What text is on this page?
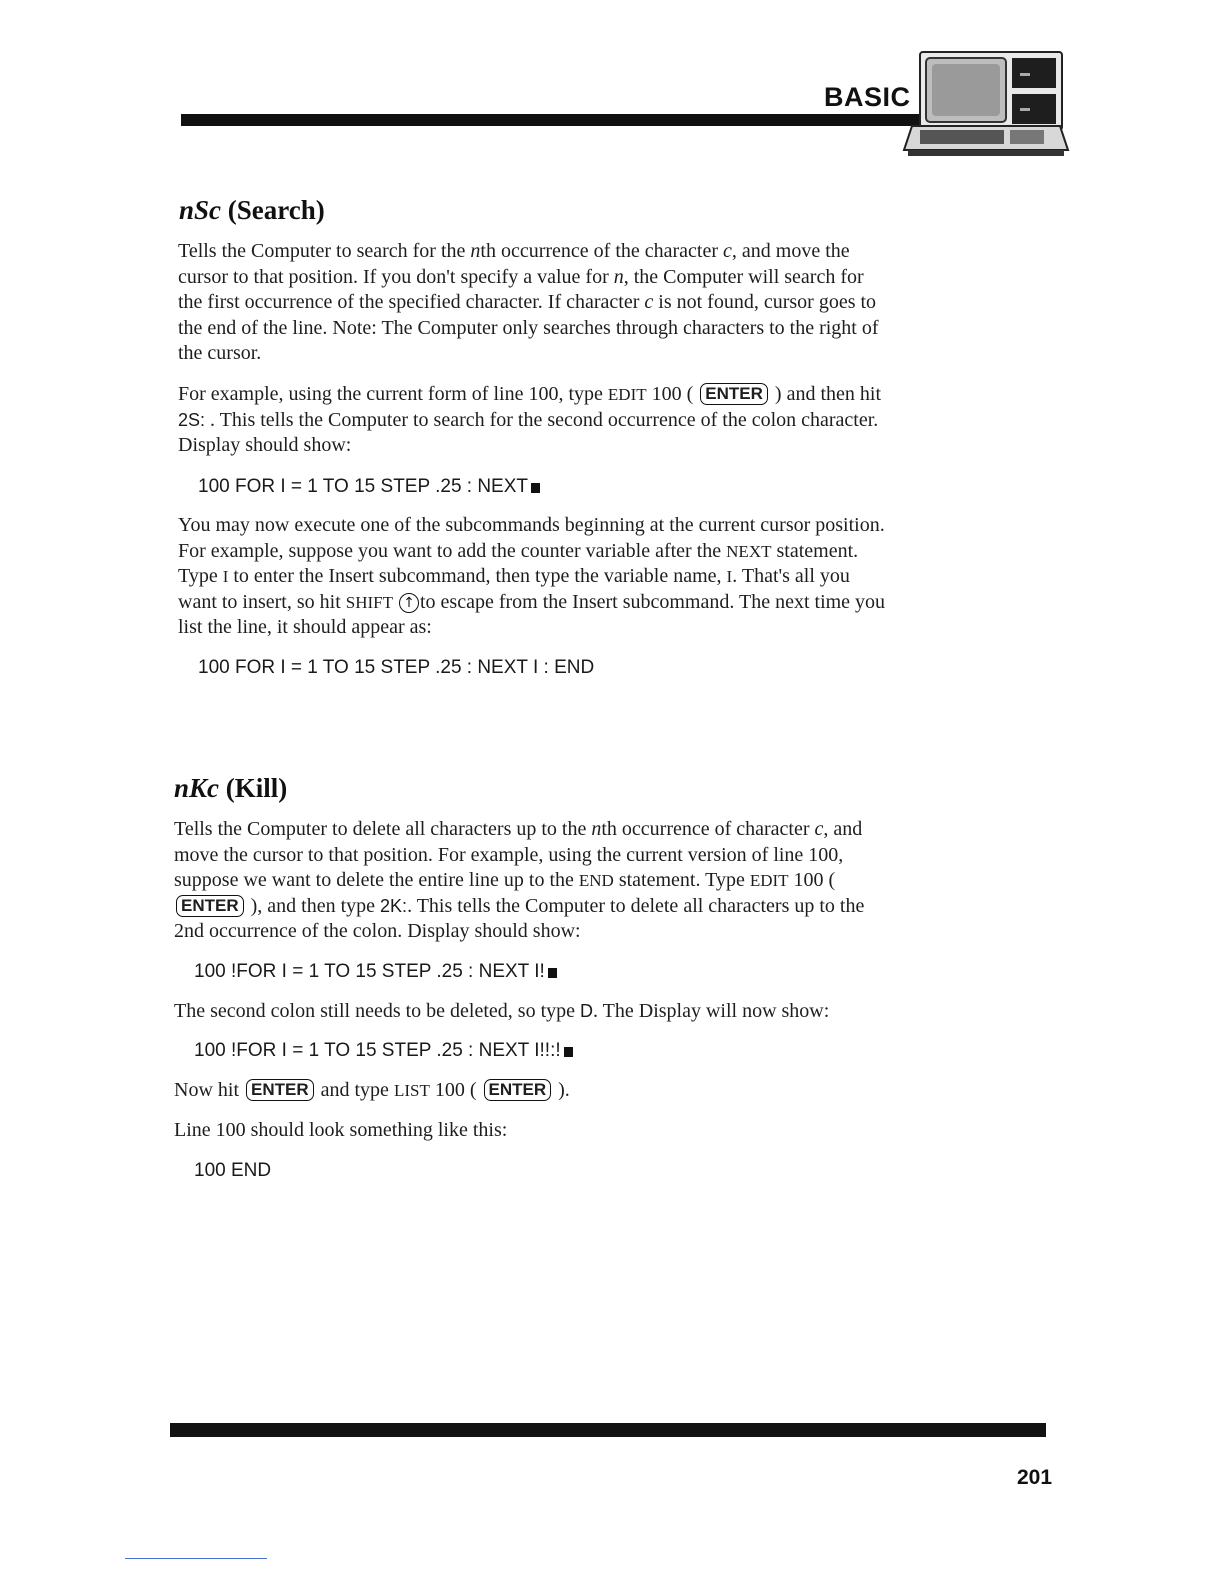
BASIC
nSc (Search)

Tells the Computer to search for the nth occurrence of the character c, and move the cursor to that position. If you don't specify a value for n, the Computer will search for the first occurrence of the specified character. If character c is not found, cursor goes to the end of the line. Note: The Computer only searches through characters to the right of the cursor.

For example, using the current form of line 100, type EDIT 100 ( ENTER ) and then hit 2S: . This tells the Computer to search for the second occurrence of the colon character. Display should show:

100 FOR I = 1 TO 15 STEP .25 : NEXT

You may now execute one of the subcommands beginning at the current cursor position. For example, suppose you want to add the counter variable after the NEXT statement. Type I to enter the Insert subcommand, then type the variable name, I. That's all you want to insert, so hit SHIFT ↑ to escape from the Insert subcommand. The next time you list the line, it should appear as:

100 FOR I = 1 TO 15 STEP .25 : NEXT I : END
nKc (Kill)

Tells the Computer to delete all characters up to the nth occurrence of character c, and move the cursor to that position. For example, using the current version of line 100, suppose we want to delete the entire line up to the END statement. Type EDIT 100 ( ENTER ), and then type 2K:. This tells the Computer to delete all characters up to the 2nd occurrence of the colon. Display should show:

100 !FOR I = 1 TO 15 STEP .25 : NEXT I!

The second colon still needs to be deleted, so type D. The Display will now show:

100 !FOR I = 1 TO 15 STEP .25 : NEXT I!!:!

Now hit ENTER and type LIST 100 ( ENTER ).

Line 100 should look something like this:

100 END
201
